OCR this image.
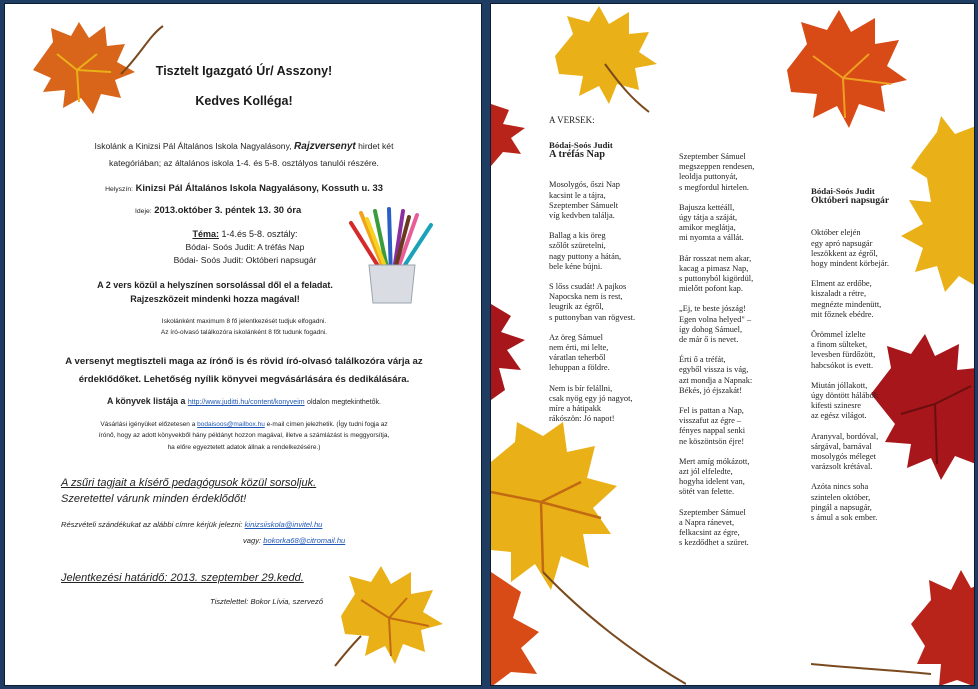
Tisztelt Igazgató Úr/ Asszony!
Kedves Kolléga!
Iskolánk a Kinizsi Pál Általános Iskola Nagyalásony, Rajzversenyt hirdet két
kategóriában; az általános iskola 1-4. és 5-8. osztályos tanulói részére.
Helyszín: Kinizsi Pál Általános Iskola Nagyalásony, Kossuth u. 33
Ideje: 2013.október 3. péntek 13. 30 óra
Téma: 1-4.és 5-8. osztály:
Bódai- Soós Judit: A tréfás Nap
Bódai- Soós Judit: Októberi napsugár
A 2 vers közül a helyszínen sorsolással dől el a feladat.
Rajzeszközeit mindenki hozza magával!
Iskolánként maximum 8 fő jelentkezését tudjuk elfogadni.
Az író-olvasó találkozóra iskolánként 8 főt tudunk fogadni.
A versenyt megtiszteli maga az írónő is és rövid író-olvasó találkozóra várja az
érdeklődőket. Lehetőség nyílik könyvei megvásárlására és dedikálására.
A könyvek listája a http://www.juditti.hu/content/konyveim oldalon megtekinthetők.
Vásárlási igényüket előzetesen a bodaisoos@mailbox.hu e-mail címen jelezhetik. (Így tudni fogja az
írónő, hogy az adott könyvekből hány példányt hozzon magával, illetve a számlázást is meggyorsítja,
ha előre egyeztetett adatok állnak a rendelkezésére.)
A zsűri tagjait a kísérő pedagógusok közül sorsoljuk.
Szeretettel várunk minden érdeklődőt!
Részvételi szándékukat az alábbi címre kérjük jelezni: kinizsiiskola@invitel.hu
vagy: bokorka68@citromail.hu
Jelentkezési határidő: 2013. szeptember 29.kedd.
Tisztelettel: Bokor Lívia, szervező
A VERSEK:
Bódai-Soós Judit
A tréfás Nap
Mosolygós, őszi Nap
kacsint le a tájra,
Szeptember Sámuelt
víg kedvben találja.
Ballag a kis öreg
szőlőt szüretelni,
nagy puttony a hátán,
bele kéne bújni.
S lőss csudát! A pajkos
Napocska nem is rest,
leugrik az égről,
s puttonyban van rögvest.
Az öreg Sámuel
nem érti, mi lelte,
váratlan teherből
lehuppan a földre.
Nem is bír felállni,
csak nyög egy jó nagyot,
míre a hátipakk
rákószön: Jó napot!
Szeptember Sámuel
megszeppen rendesen,
leoldja puttonyát,
s megfordul hirtelen.
Bajusza kettéáll,
úgy tátja a száját,
amikor meglátja,
mi nyomta a vállát.
Bár rosszat nem akar,
kacag a pimasz Nap,
s puttonyból kigördül,
mielőtt pofont kap.
„Ej, te beste jószág!
Egen volna helyed" –
így dohog Sámuel,
de már ő is nevet.
Érti ő a tréfát,
egyből vissza is vág,
azt mondja a Napnak:
Békés, jó éjszakát!
Fel is pattan a Nap,
visszafut az égre –
fényes nappal senki
ne köszöntsön éjre!
Mert amíg mókázott,
azt jól elfeledte,
hogyha idelent van,
sötét van felette.
Szeptember Sámuel
a Napra ránevet,
felkacsint az égre,
s kezdődhet a szüret.
Bódai-Soós Judit
Októberi napsugár
Október elején
egy apró napsugár
leszökkent az égről,
hogy mindent körbejár.
Elment az erdőbe,
kiszaladt a rétre,
megnézte mindenütt,
mit főznek ebédre.
Örömmel ízlelte
a finom sülteket,
levesben fürdőzött,
habcsókot is evett.
Miután jóllakott,
úgy döntött hálából:
kifesti szinesre
az egész világot.
Aranyval, bordóval,
sárgával, barnával
mosolygós méleget
varázsolt krétával.
Azóta nincs soha
szintelen október,
pingál a napsugár,
s ámul a sok ember.
